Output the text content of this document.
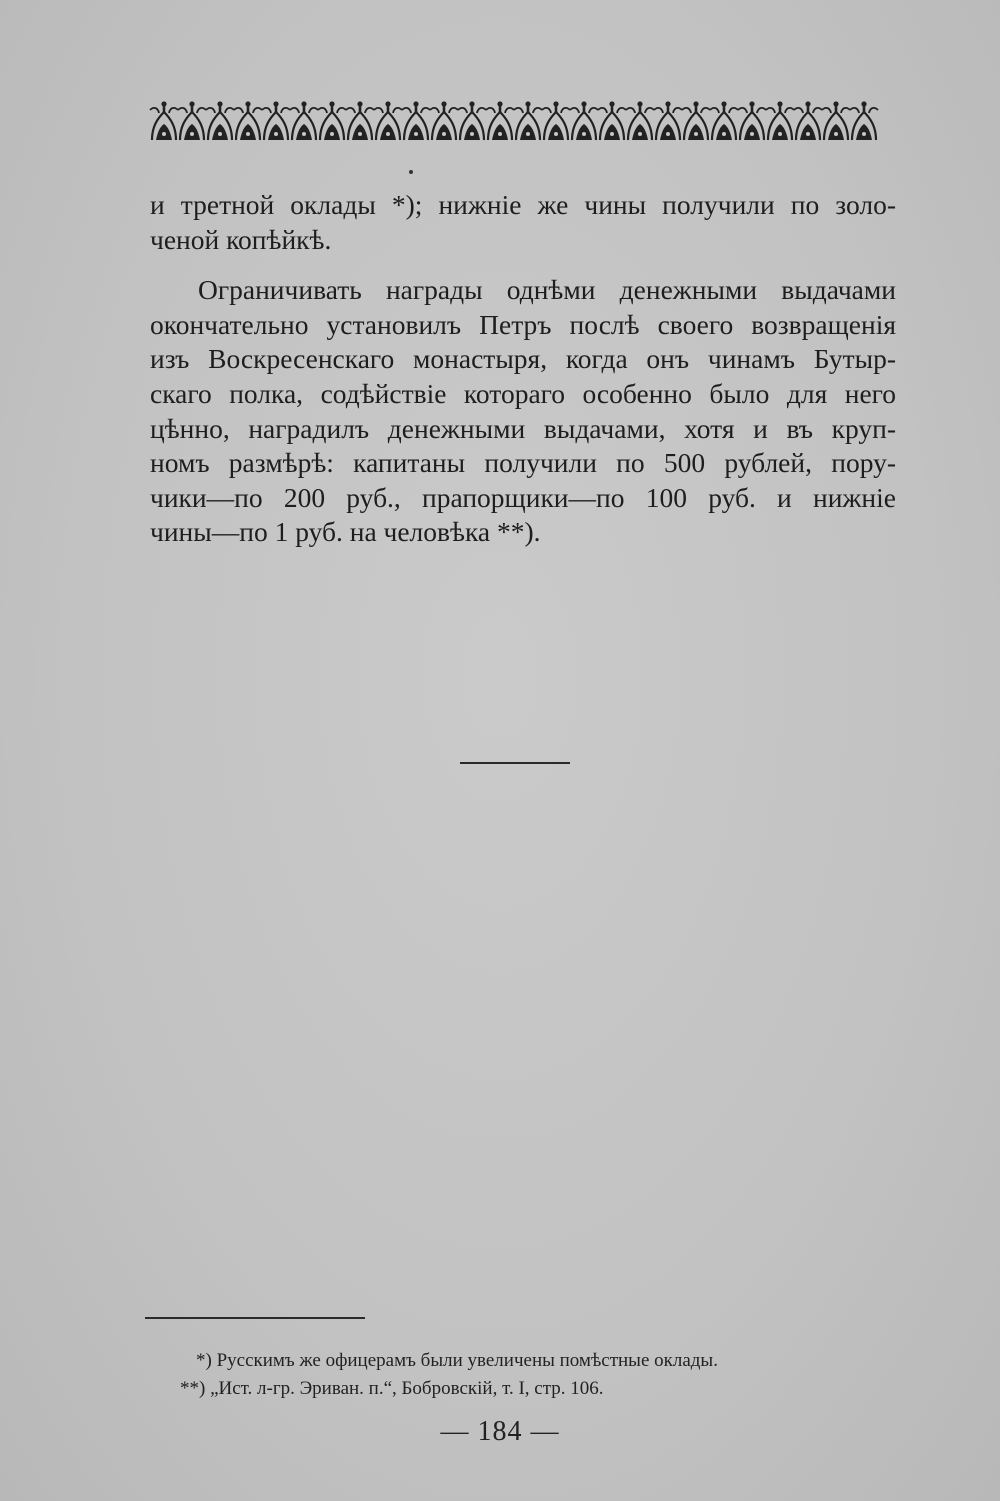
и третной оклады *); нижніе же чины получили по золо-
ченой копѣйкѣ.
Ограничивать награды однѣми денежными выдачами
окончательно установилъ Петръ послѣ своего возвращенія
изъ Воскресенскаго монастыря, когда онъ чинамъ Бутыр-
скаго полка, содѣйствіе котораго особенно было для него
цѣнно, наградилъ денежными выдачами, хотя и въ круп-
номъ размѣрѣ: капитаны получили по 500 рублей, пору-
чики—по 200 руб., прапорщики—по 100 руб. и нижніе
чины—по 1 руб. на человѣка **).
*) Русскимъ же офицерамъ были увеличены помѣстные оклады.
**) „Ист. л-гр. Эриван. п.“, Бобровскій, т. I, стр. 106.
— 184 —
